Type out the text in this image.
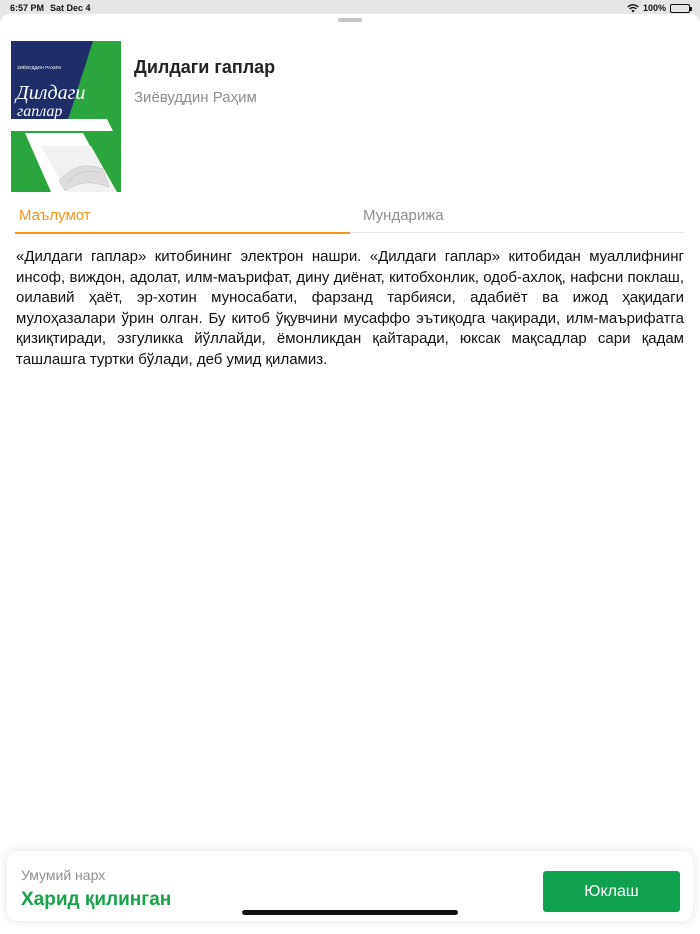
6:57 PM Sat Dec 4	100%
ЗИЁВУДДИН РАҲИМ
Дилдаги
гаплар
Дилдаги гаплар
Зиёвуддин Раҳим
Маълумот	Мундарижа

«Дилдаги гаплар» китобининг электрон нашри. «Дилдаги гаплар» китобидан муаллифнинг инсоф, виждон, адолат, илм-маърифат, дину диёнат, китобхонлик, одоб-ахлоқ, нафсни поклаш, оилавий ҳаёт, эр-хотин муносабати, фарзанд тарбияси, адабиёт ва ижод ҳақидаги мулоҳазалари ўрин олган. Бу китоб ўқувчини мусаффо эътиқодга чақиради, илм-маърифатга қизиқтиради, эзгуликка йўллайди, ёмонликдан қайтаради, юксак мақсадлар сари қадам ташлашга туртки бўлади, деб умид қиламиз.

Умумий нарх
Харид қилинган	Юклаш
